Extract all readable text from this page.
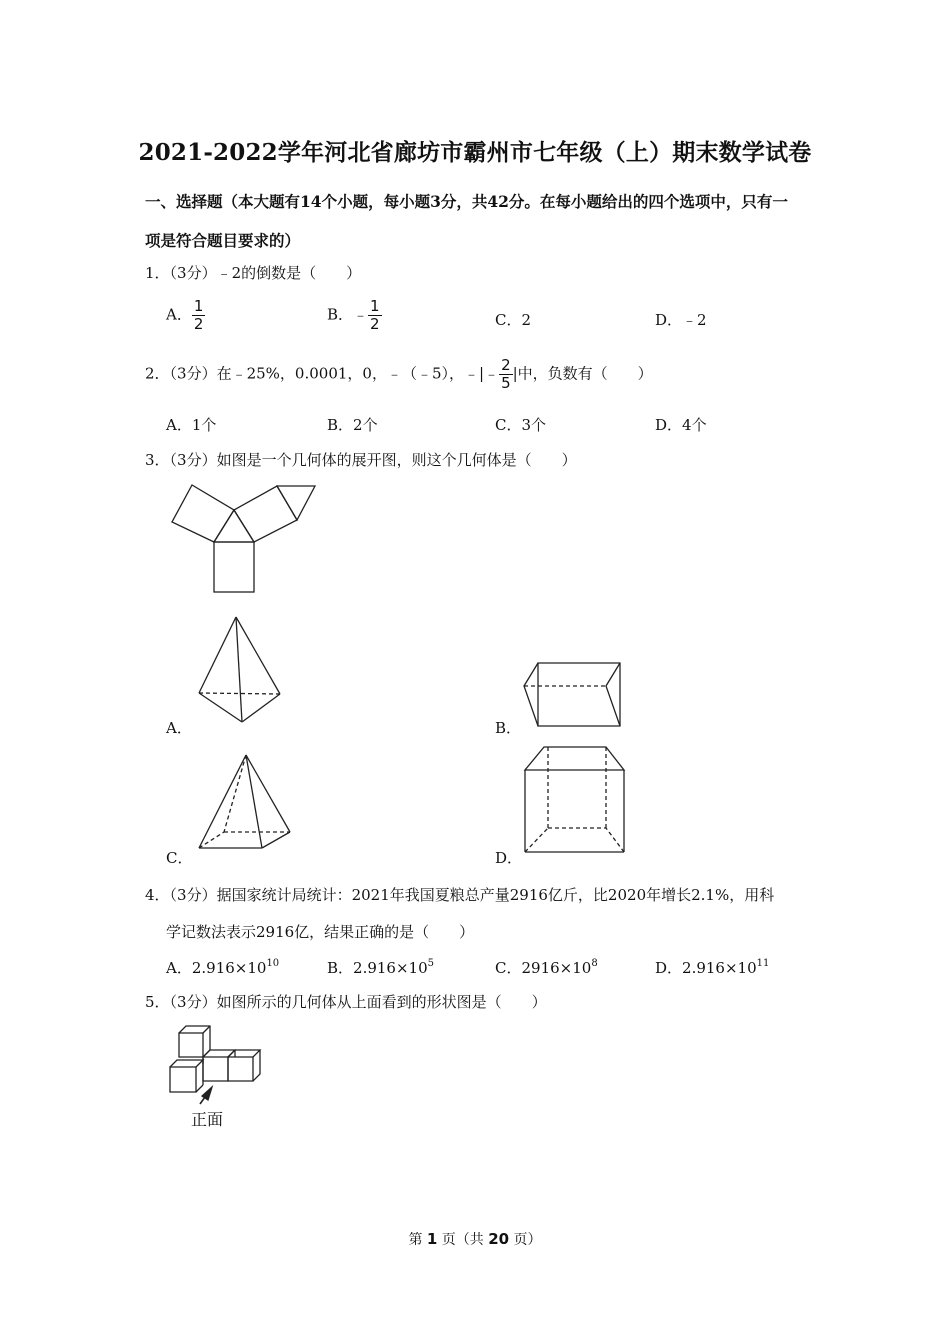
2021-2022学年河北省廊坊市霸州市七年级（上）期末数学试卷
一、选择题（本大题有14个小题，每小题3分，共42分。在每小题给出的四个选项中，只有一
项是符合题目要求的）
1．（3分）﹣2的倒数是（　　）
A． $\frac{1}{2}$	B．﹣ $\frac{1}{2}$	C．2	D．﹣2
2．（3分）在﹣25%，0.0001，0，﹣（﹣5），﹣|﹣ $\frac{2}{5}$ |中，负数有（　　）
A．1个	B．2个	C．3个	D．4个
3．（3分）如图是一个几何体的展开图，则这个几何体是（　　）
A．	B．
C．	D．
4．（3分）据国家统计局统计：2021年我国夏粮总产量2916亿斤，比2020年增长2.1%，用科
学记数法表示2916亿，结果正确的是（　　）
A．$2.916\times 10^{10}$	B．$2.916\times 10^5$	C．$2916\times 10^8$	D．$2.916\times 10^{11}$
5．（3分）如图所示的几何体从上面看到的形状图是（　　）
正面
第 1 页（共 20 页）
